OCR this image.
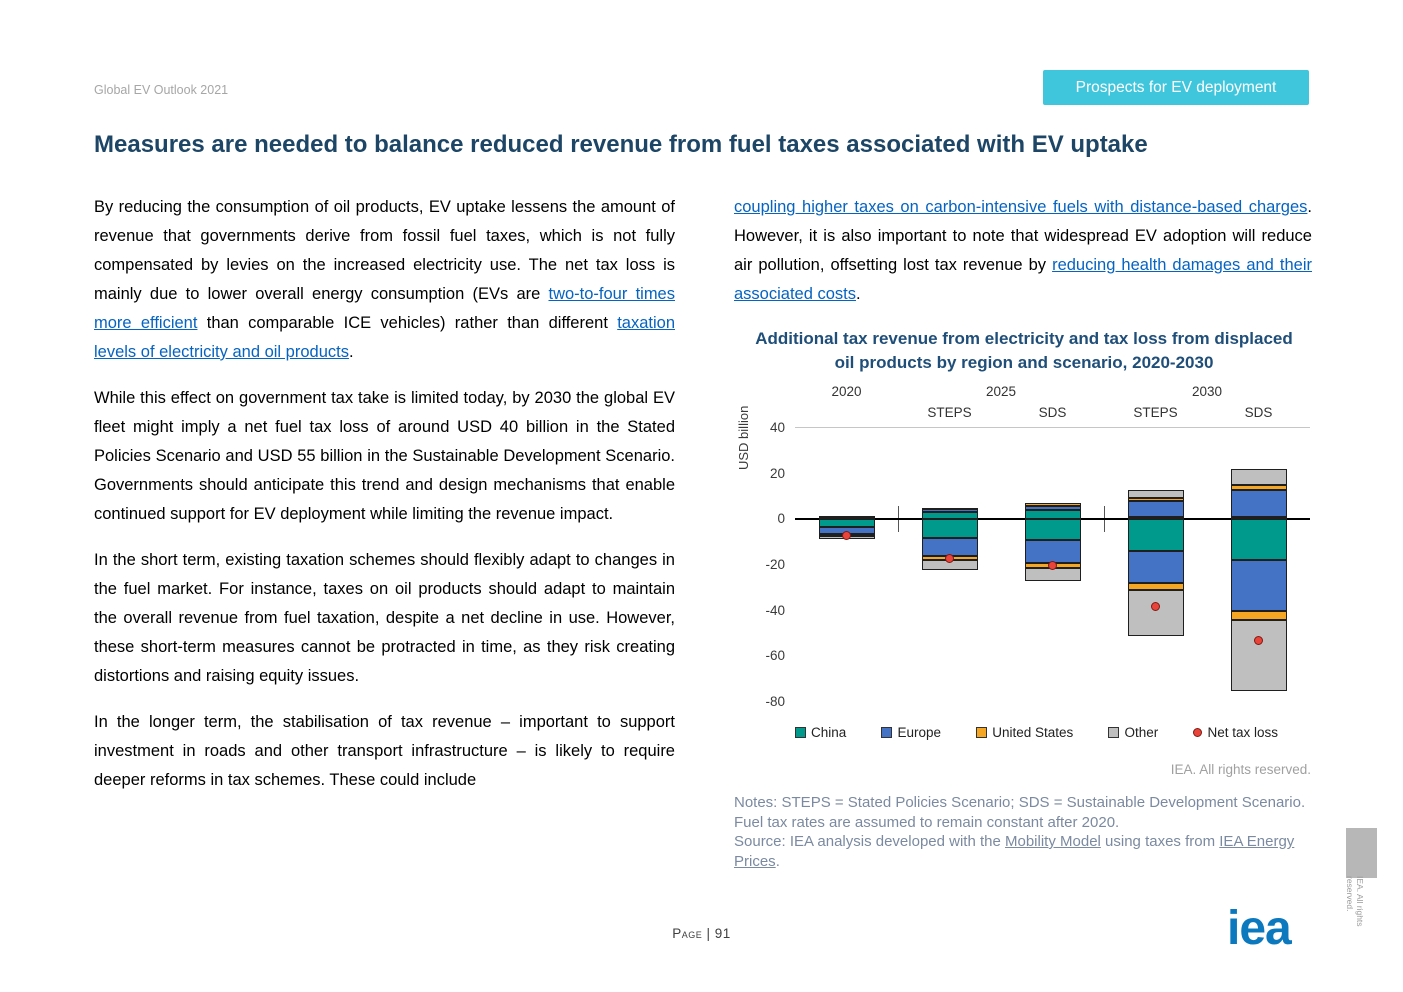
Global EV Outlook 2021	Prospects for EV deployment
Measures are needed to balance reduced revenue from fuel taxes associated with EV uptake

By reducing the consumption of oil products, EV uptake lessens the amount of revenue that governments derive from fossil fuel taxes, which is not fully compensated by levies on the increased electricity use. The net tax loss is mainly due to lower overall energy consumption (EVs are two-to-four times more efficient than comparable ICE vehicles) rather than different taxation levels of electricity and oil products.

While this effect on government tax take is limited today, by 2030 the global EV fleet might imply a net fuel tax loss of around USD 40 billion in the Stated Policies Scenario and USD 55 billion in the Sustainable Development Scenario. Governments should anticipate this trend and design mechanisms that enable continued support for EV deployment while limiting the revenue impact.

In the short term, existing taxation schemes should flexibly adapt to changes in the fuel market. For instance, taxes on oil products should adapt to maintain the overall revenue from fuel taxation, despite a net decline in use. However, these short-term measures cannot be protracted in time, as they risk creating distortions and raising equity issues.

In the longer term, the stabilisation of tax revenue – important to support investment in roads and other transport infrastructure – is likely to require deeper reforms in tax schemes. These could include

coupling higher taxes on carbon-intensive fuels with distance-based charges. However, it is also important to note that widespread EV adoption will reduce air pollution, offsetting lost tax revenue by reducing health damages and their associated costs.

Additional tax revenue from electricity and tax loss from displaced oil products by region and scenario, 2020-2030
USD billion	40
20
0
-20
-40
-60
-80
2020	2025	2030
STEPS	SDS	STEPS	SDS
China	Europe	United States	Other	Net tax loss
IEA. All rights reserved.
Notes: STEPS = Stated Policies Scenario; SDS = Sustainable Development Scenario. Fuel tax rates are assumed to remain constant after 2020.
Source: IEA analysis developed with the Mobility Model using taxes from IEA Energy Prices.
Page | 91	iea
IEA. All rights reserved.
